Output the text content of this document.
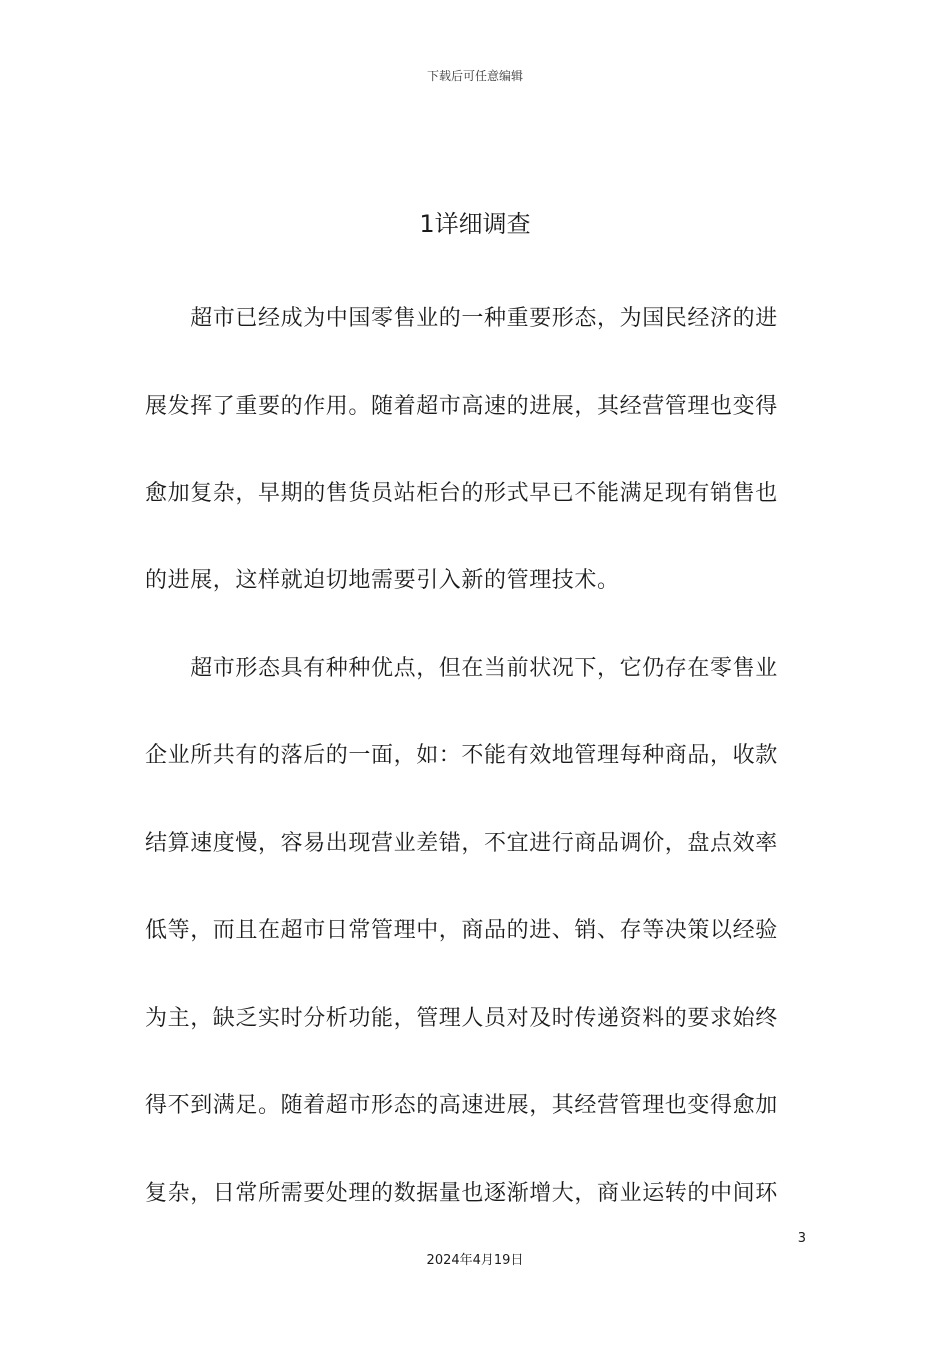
下载后可任意编辑
1详细调查
　　超市已经成为中国零售业的一种重要形态，为国民经济的进
展发挥了重要的作用。随着超市高速的进展，其经营管理也变得
愈加复杂，早期的售货员站柜台的形式早已不能满足现有销售也
的进展，这样就迫切地需要引入新的管理技术。
　　超市形态具有种种优点，但在当前状况下，它仍存在零售业
企业所共有的落后的一面，如：不能有效地管理每种商品，收款
结算速度慢，容易出现营业差错，不宜进行商品调价，盘点效率
低等，而且在超市日常管理中，商品的进、销、存等决策以经验
为主，缺乏实时分析功能，管理人员对及时传递资料的要求始终
得不到满足。随着超市形态的高速进展，其经营管理也变得愈加
复杂，日常所需要处理的数据量也逐渐增大，商业运转的中间环
3
2024年4月19日
